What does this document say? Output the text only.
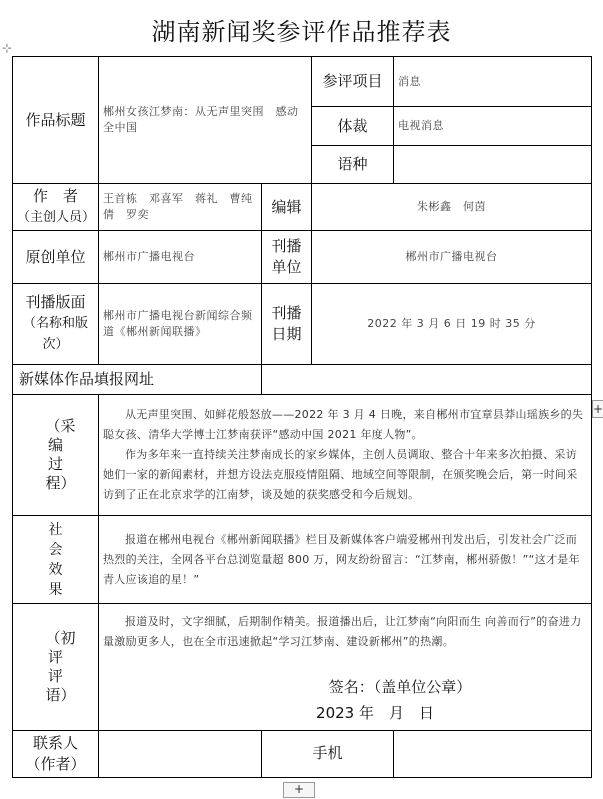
湖南新闻奖参评作品推荐表
⊹
+
+
作品标题	郴州女孩江梦南：从无声里突围　感动全中国		参评项目	消息
			体裁	电视消息
			语种	

作　者
（主创人员）	王首栋　邓喜军　蒋礼　曹纯倩　罗奕	编辑	朱彬鑫　何茵	
原创单位	郴州市广播电视台	刊播单位	郴州市广播电视台	

刊播版面
（名称和版次）	郴州市广播电视台新闻综合频道《郴州新闻联播》	刊播日期	2022 年 3 月 6 日 19 时 35 分	
新媒体作品填报网址				

（采编过程）	从无声里突围、如鲜花般怒放——2022 年 3 月 4 日晚，来自郴州市宜章县莽山瑶族乡的失聪女孩、清华大学博士江梦南获评“感动中国 2021 年度人物”。

作为多年来一直持续关注梦南成长的家乡媒体，主创人员调取、整合十年来多次拍摄、采访她们一家的新闻素材，并想方设法克服疫情阻隔、地域空间等限制，在颁奖晚会后，第一时间采访到了正在北京求学的江南梦，谈及她的获奖感受和今后规划。			

社会效果	报道在郴州电视台《郴州新闻联播》栏目及新媒体客户端爱郴州刊发出后，引发社会广泛而热烈的关注，全网各平台总浏览量超 800 万，网友纷纷留言：“江梦南，郴州骄傲！”“这才是年青人应该追的星！”			

（初评评语）	报道及时，文字细腻，后期制作精美。报道播出后，让江梦南“向阳而生 向善而行”的奋进力量激励更多人，也在全市迅速掀起“学习江梦南、建设新郴州”的热潮。

签名：（盖单位公章）
2023 年　月　日			

联系人
（作者）		手机		
